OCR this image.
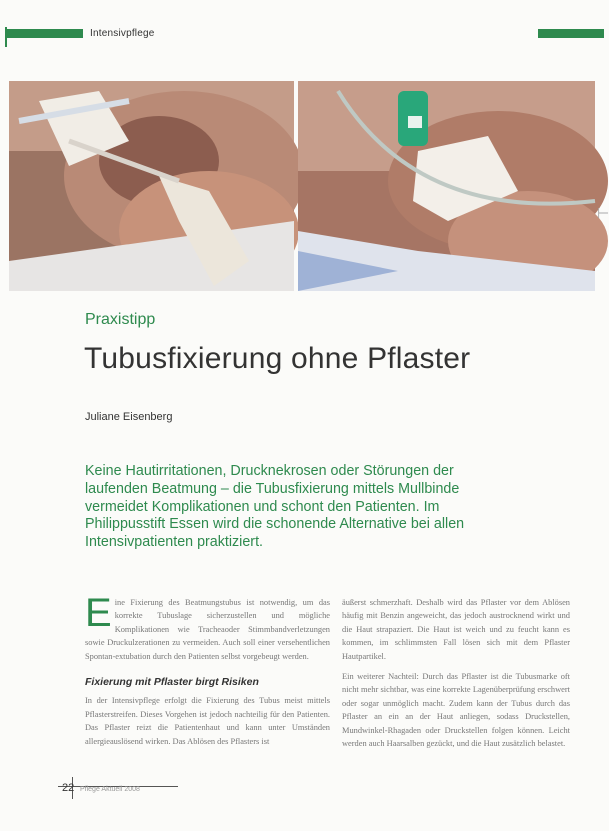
Intensivpflege
⊢
Praxistipp
Tubusfixierung ohne Pflaster
Juliane Eisenberg
Keine Hautirritationen, Drucknekrosen oder Störungen der laufenden Beatmung – die Tubusfixierung mittels Mullbinde vermeidet Komplikationen und schont den Patienten. Im Philippusstift Essen wird die schonende Alternative bei allen Intensivpatienten praktiziert.

Eine Fixierung des Beatmungstubus ist notwendig, um das korrekte Tubuslage sicherzustellen und mögliche Komplikationen wie Tracheaoder Stimmbandverletzungen sowie Druckulzerationen zu vermeiden. Auch soll einer versehentlichen Spontan-extubation durch den Patienten selbst vorgebeugt werden.

Fixierung mit Pflaster birgt Risiken

In der Intensivpflege erfolgt die Fixierung des Tubus meist mittels Pflasterstreifen. Dieses Vorgehen ist jedoch nachteilig für den Patienten. Das Pflaster reizt die Patientenhaut und kann unter Umständen allergieauslösend wirken. Das Ablösen des Pflasters ist

äußerst schmerzhaft. Deshalb wird das Pflaster vor dem Ablösen häufig mit Benzin angeweicht, das jedoch austrocknend wirkt und die Haut strapaziert. Die Haut ist weich und zu feucht kann es kommen, im schlimmsten Fall lösen sich mit dem Pflaster Hautpartikel.

Ein weiterer Nachteil: Durch das Pflaster ist die Tubusmarke oft nicht mehr sichtbar, was eine korrekte Lagenüberprüfung erschwert oder sogar unmöglich macht. Zudem kann der Tubus durch das Pflaster an ein an der Haut anliegen, sodass Druckstellen, Mundwinkel-Rhagaden oder Druckstellen folgen können. Leicht werden auch Haarsalben gezückt, und die Haut zusätzlich belastet.

22 Pflege Aktuell 2008
